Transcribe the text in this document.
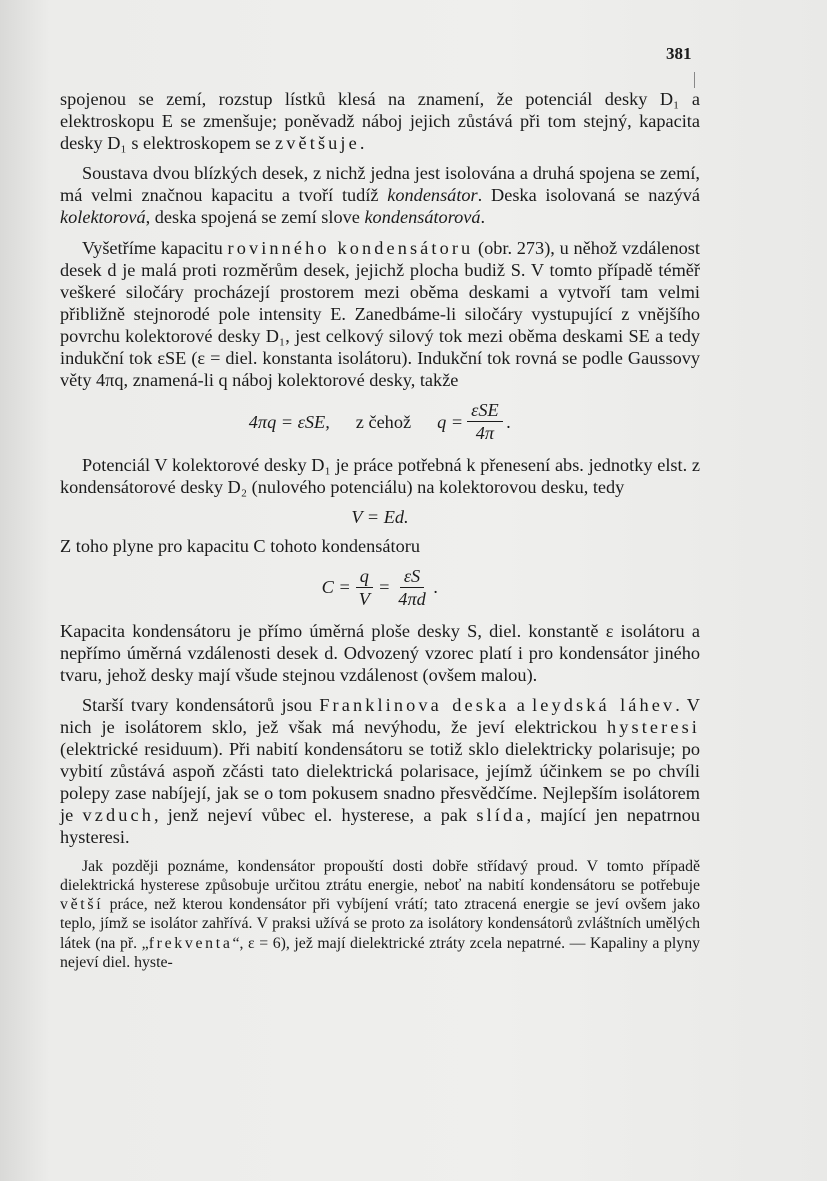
381

spojenou se zemí, rozstup lístků klesá na znamení, že potenciál desky D₁ a elektroskopu E se zmenšuje; poněvadž náboj jejich zůstává při tom stejný, kapacita desky D₁ s elektroskopem se zvětšuje.

Soustava dvou blízkých desek, z nichž jedna jest isolována a druhá spojena se zemí, má velmi značnou kapacitu a tvoří tudíž kondensátor. Deska isolovaná se nazývá kolektorová, deska spojená se zemí slove kondensátorová.

Vyšetříme kapacitu rovinného kondensátoru (obr. 273), u něhož vzdálenost desek d je malá proti rozměrům desek, jejichž plocha budiž S. V tomto případě téměř veškeré siločáry procházejí prostorem mezi oběma deskami a vytvoří tam velmi přibližně stejnorodé pole intensity E. Zanedbáme-li siločáry vystupující z vnějšího povrchu kolektorové desky D₁, jest celkový silový tok mezi oběma deskami SE a tedy indukční tok εSE (ε = diel. konstanta isolátoru). Indukční tok rovná se podle Gaussovy věty 4πq, znamená-li q náboj kolektorové desky, takže

4πq = εSE, z čehož $q = \frac{\text{εSE}}{4\pi}$ .

Potenciál V kolektorové desky D₁ je práce potřebná k přenesení abs. jednotky elst. z kondensátorové desky D₂ (nulového potenciálu) na kolektorovou desku, tedy

V = Ed.

Z toho plyne pro kapacitu C tohoto kondensátoru

$C = \frac{q}{V} = \frac{\varepsilon S}{4\pi d}$ .

Kapacita kondensátoru je přímo úměrná ploše desky S, diel. konstantě ε isolátoru a nepřímo úměrná vzdálenosti desek d. Odvozený vzorec platí i pro kondensátor jiného tvaru, jehož desky mají všude stejnou vzdálenost (ovšem malou).

Starší tvary kondensátorů jsou Franklinova deska a leydská láhev. V nich je isolátorem sklo, jež však má nevýhodu, že jeví elektrickou hysteresi (elektrické residuum). Při nabití kondensátoru se totiž sklo dielektricky polarisuje; po vybití zůstává aspoň zčásti tato dielektrická polarisace, jejímž účinkem se po chvíli polepy zase nabíjejí, jak se o tom pokusem snadno přesvědčíme. Nejlepším isolátorem je vzduch, jenž nejeví vůbec el. hysterese, a pak slída, mající jen nepatrnou hysteresi.

Jak později poznáme, kondensátor propouští dosti dobře střídavý proud. V tomto případě dielektrická hysterese způsobuje určitou ztrátu energie, neboť na nabití kondensátoru se potřebuje větší práce, než kterou kondensátor při vybíjení vrátí; tato ztracená energie se jeví ovšem jako teplo, jímž se isolátor zahřívá. V praksi užívá se proto za isolátory kondensátorů zvláštních umělých látek (na př. „frekventa“, ε = 6), jež mají dielektrické ztráty zcela nepatrné. — Kapaliny a plyny nejeví diel. hyste-
